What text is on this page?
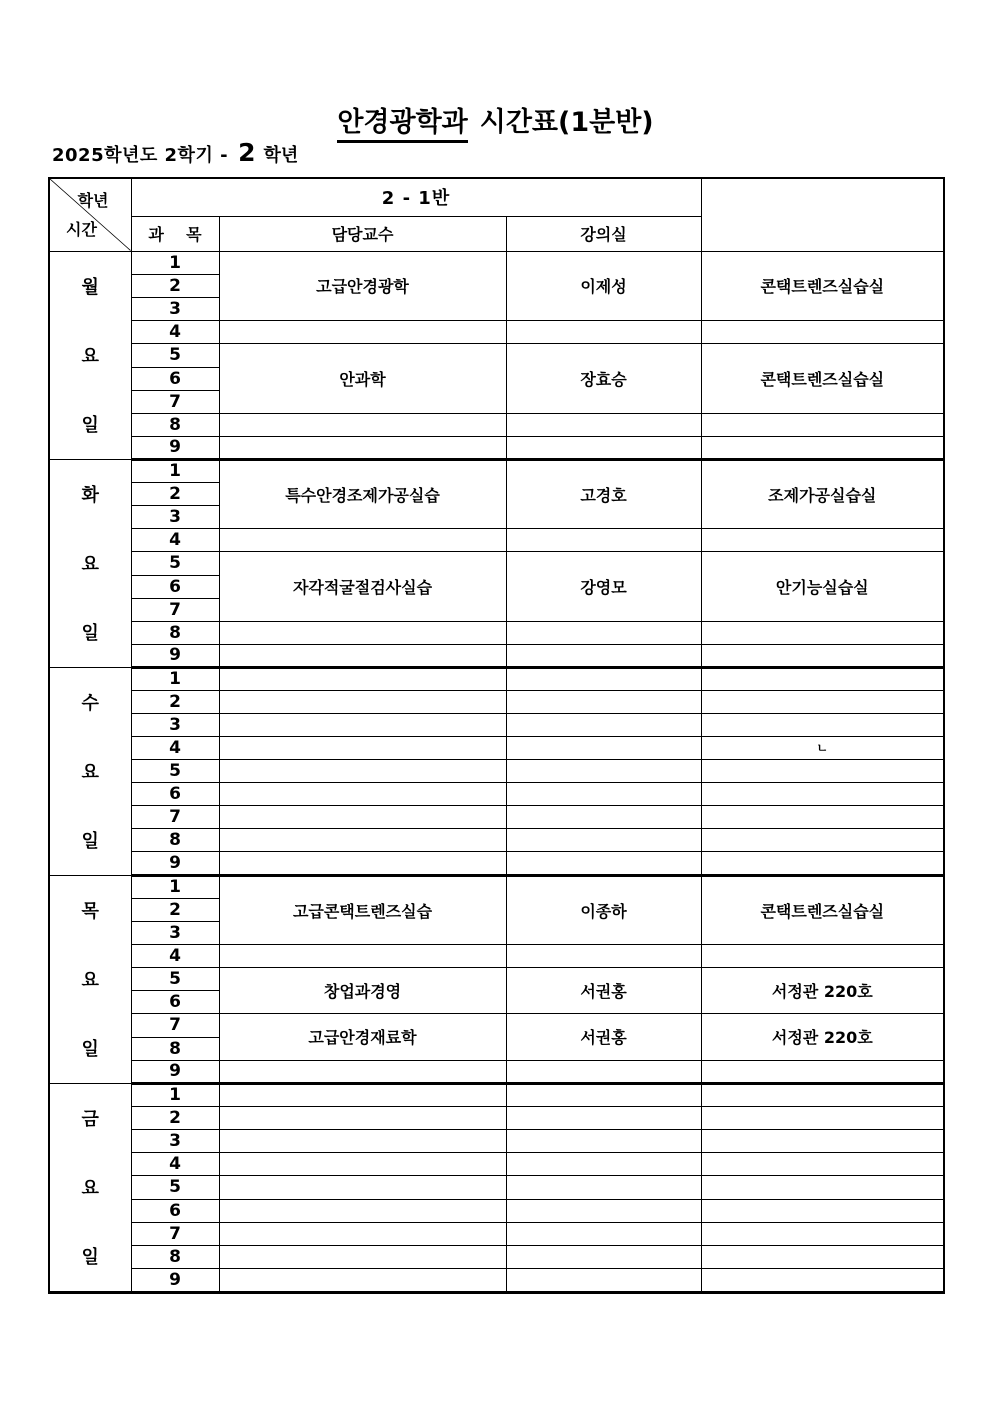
안경광학과 시간표(1분반)
2025학년도 2학기 - 2 학년
학년
시간	2 - 1반			
	과    목	담당교수	강의실	

월
요
일	1	고급안경광학	이제성	콘택트렌즈실습실
	2			
	3			
	4			
	5	안과학	장효승	콘택트렌즈실습실
	6			
	7			
	8			
	9			

화
요
일	1	특수안경조제가공실습	고경호	조제가공실습실
	2			
	3			
	4			
	5	자각적굴절검사실습	강영모	안기능실습실
	6			
	7			
	8			
	9			

수
요
일	1			
	2			
	3			
	4			ㄴ
	5			
	6			
	7			
	8			
	9			

목
요
일	1	고급콘택트렌즈실습	이종하	콘택트렌즈실습실
	2			
	3			
	4			
	5	창업과경영	서권홍	서정관 220호
	6			
	7	고급안경재료학	서권홍	서정관 220호
	8			
	9			

금
요
일	1			
	2			
	3			
	4			
	5			
	6			
	7			
	8			
	9			
